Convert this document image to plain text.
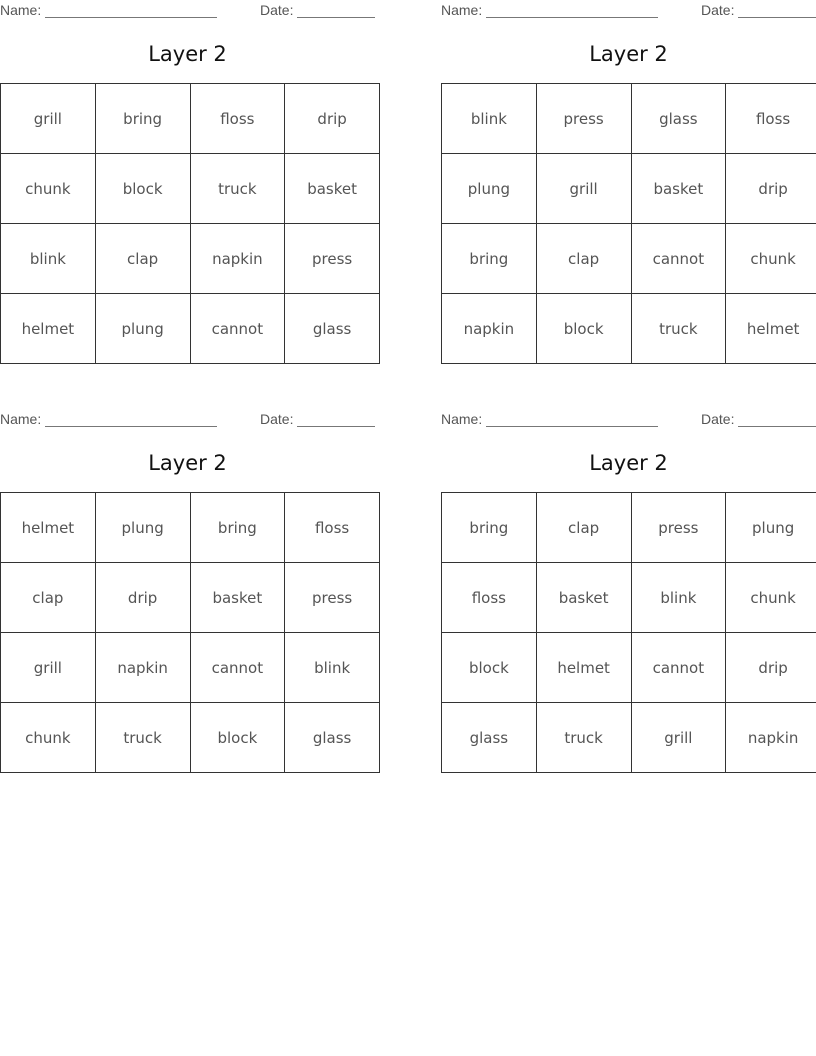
Name:	Date:
Layer 2
grill	bring	floss	drip
chunk	block	truck	basket
blink	clap	napkin	press
helmet	plung	cannot	glass
Name:	Date:
Layer 2
blink	press	glass	floss
plung	grill	basket	drip
bring	clap	cannot	chunk
napkin	block	truck	helmet
Name:	Date:
Layer 2
helmet	plung	bring	floss
clap	drip	basket	press
grill	napkin	cannot	blink
chunk	truck	block	glass
Name:	Date:
Layer 2
bring	clap	press	plung
floss	basket	blink	chunk
block	helmet	cannot	drip
glass	truck	grill	napkin
